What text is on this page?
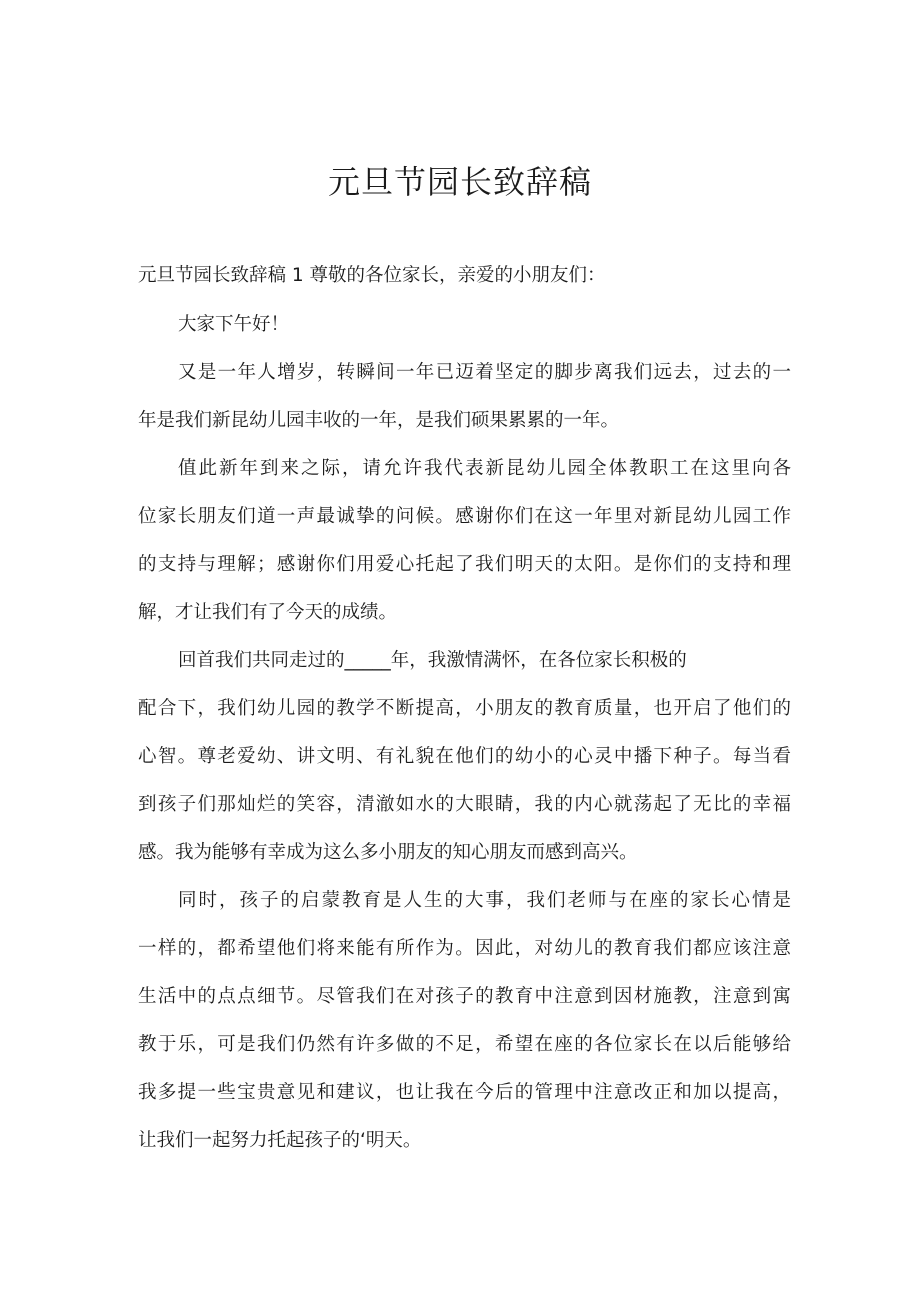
元旦节园长致辞稿

元旦节园长致辞稿 1 尊敬的各位家长，亲爱的小朋友们：

大家下午好！

又是一年人增岁，转瞬间一年已迈着坚定的脚步离我们远去，过去的一

年是我们新昆幼儿园丰收的一年，是我们硕果累累的一年。

值此新年到来之际，请允许我代表新昆幼儿园全体教职工在这里向各

位家长朋友们道一声最诚挚的问候。感谢你们在这一年里对新昆幼儿园工作

的支持与理解；感谢你们用爱心托起了我们明天的太阳。是你们的支持和理

解，才让我们有了今天的成绩。

回首我们共同走过的_____年，我激情满怀，在各位家长积极的

配合下，我们幼儿园的教学不断提高，小朋友的教育质量，也开启了他们的

心智。尊老爱幼、讲文明、有礼貌在他们的幼小的心灵中播下种子。每当看

到孩子们那灿烂的笑容，清澈如水的大眼睛，我的内心就荡起了无比的幸福

感。我为能够有幸成为这么多小朋友的知心朋友而感到高兴。

同时，孩子的启蒙教育是人生的大事，我们老师与在座的家长心情是

一样的，都希望他们将来能有所作为。因此，对幼儿的教育我们都应该注意

生活中的点点细节。尽管我们在对孩子的教育中注意到因材施教，注意到寓

教于乐，可是我们仍然有许多做的不足，希望在座的各位家长在以后能够给

我多提一些宝贵意见和建议，也让我在今后的管理中注意改正和加以提高，

让我们一起努力托起孩子的‘明天。
